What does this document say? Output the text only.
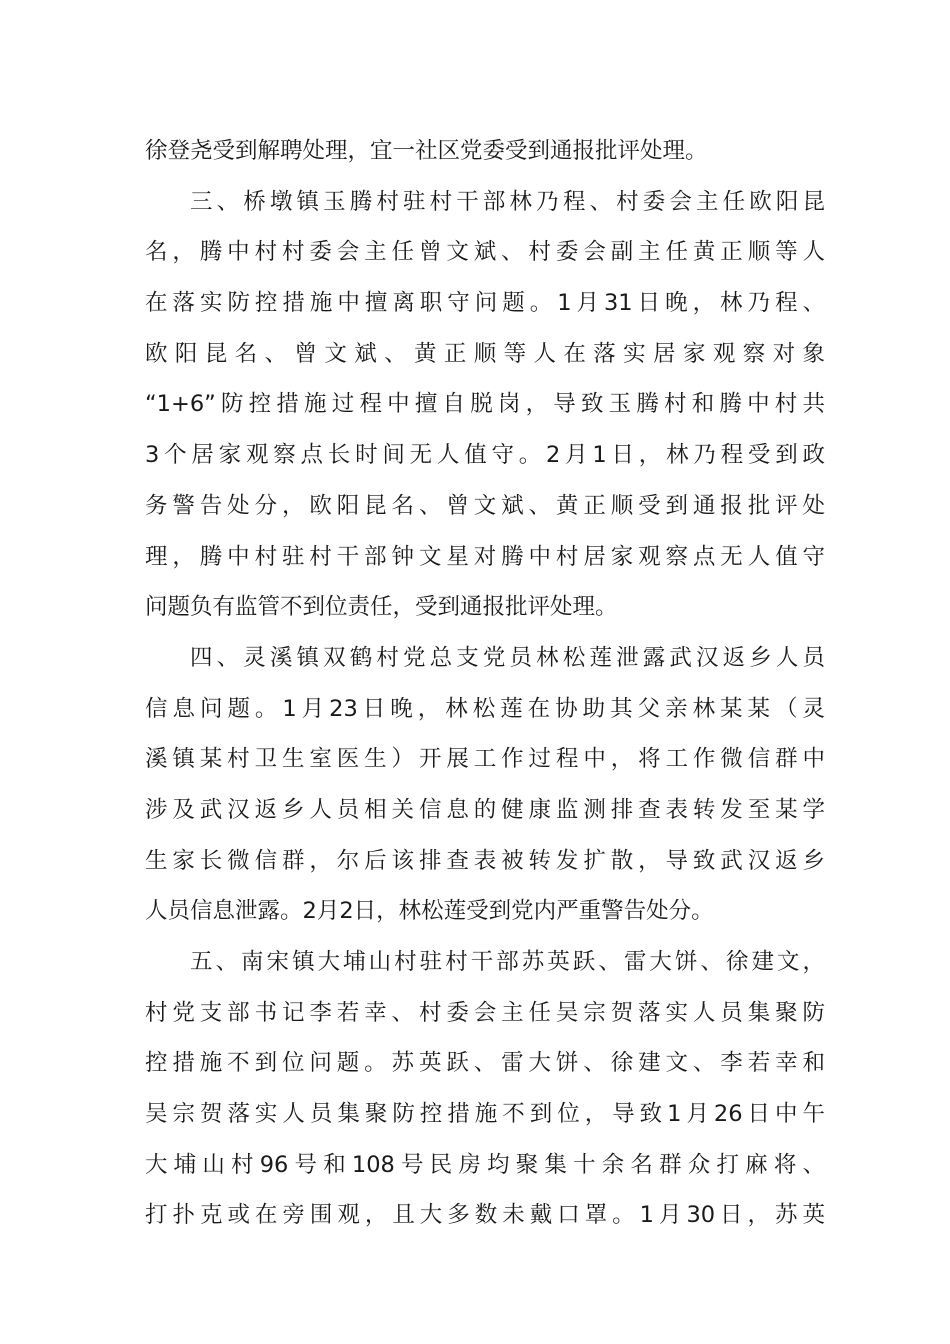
徐登尧受到解聘处理，宜一社区党委受到通报批评处理。
三、桥墩镇玉腾村驻村干部林乃程、村委会主任欧阳昆
名，腾中村村委会主任曾文斌、村委会副主任黄正顺等人
在落实防控措施中擅离职守问题。1月31日晚，林乃程、
欧阳昆名、曾文斌、黄正顺等人在落实居家观察对象
“1+6”防控措施过程中擅自脱岗，导致玉腾村和腾中村共
3个居家观察点长时间无人值守。2月1日，林乃程受到政
务警告处分，欧阳昆名、曾文斌、黄正顺受到通报批评处
理，腾中村驻村干部钟文星对腾中村居家观察点无人值守
问题负有监管不到位责任，受到通报批评处理。
四、灵溪镇双鹤村党总支党员林松莲泄露武汉返乡人员
信息问题。1月23日晚，林松莲在协助其父亲林某某（灵
溪镇某村卫生室医生）开展工作过程中，将工作微信群中
涉及武汉返乡人员相关信息的健康监测排查表转发至某学
生家长微信群，尔后该排查表被转发扩散，导致武汉返乡
人员信息泄露。2月2日，林松莲受到党内严重警告处分。
五、南宋镇大埔山村驻村干部苏英跃、雷大饼、徐建文，
村党支部书记李若幸、村委会主任吴宗贺落实人员集聚防
控措施不到位问题。苏英跃、雷大饼、徐建文、李若幸和
吴宗贺落实人员集聚防控措施不到位，导致1月26日中午
大埔山村96号和108号民房均聚集十余名群众打麻将、
打扑克或在旁围观，且大多数未戴口罩。1月30日，苏英
